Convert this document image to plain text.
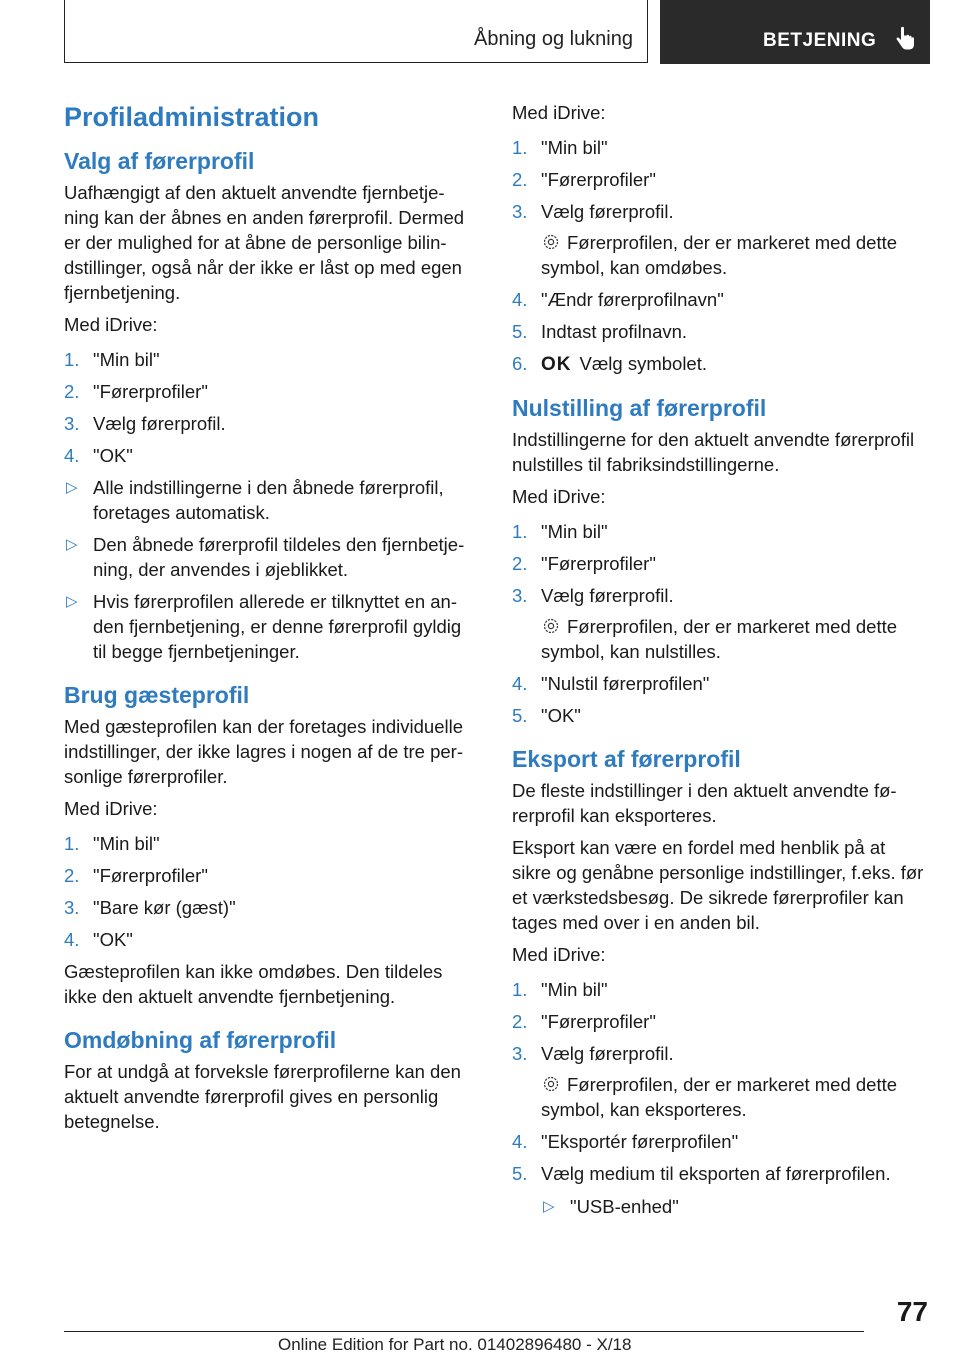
Åbning og lukning	BETJENING
Profiladministration
Valg af førerprofil

Uafhængigt af den aktuelt anvendte fjernbetje-ning kan der åbnes en anden førerprofil. Dermed er der mulighed for at åbne de personlige bilin-dstillinger, også når der ikke er låst op med egen fjernbetjening.

Med iDrive:

1. "Min bil"
2. "Førerprofiler"
3. Vælg førerprofil.
4. "OK"
▷ Alle indstillingerne i den åbnede førerprofil, foretages automatisk.
▷ Den åbnede førerprofil tildeles den fjernbetje-ning, der anvendes i øjeblikket.
▷ Hvis førerprofilen allerede er tilknyttet en an-den fjernbetjening, er denne førerprofil gyldig til begge fjernbetjeninger.
Brug gæsteprofil

Med gæsteprofilen kan der foretages individuelle indstillinger, der ikke lagres i nogen af de tre per-sonlige førerprofiler.

Med iDrive:

1. "Min bil"
2. "Førerprofiler"
3. "Bare kør (gæst)"
4. "OK"

Gæsteprofilen kan ikke omdøbes. Den tildeles ikke den aktuelt anvendte fjernbetjening.

Omdøbning af førerprofil

For at undgå at forveksle førerprofilerne kan den aktuelt anvendte førerprofil gives en personlig betegnelse.

Med iDrive:

1. "Min bil"
2. "Førerprofiler"
3. Vælg førerprofil.
Førerprofilen, der er markeret med dette symbol, kan omdøbes.
4. "Ændr førerprofilnavn"
5. Indtast profilnavn.
6. OK Vælg symbolet.
Nulstilling af førerprofil

Indstillingerne for den aktuelt anvendte førerprofil nulstilles til fabriksindstillingerne.

Med iDrive:

1. "Min bil"
2. "Førerprofiler"
3. Vælg førerprofil.
Førerprofilen, der er markeret med dette symbol, kan nulstilles.
4. "Nulstil førerprofilen"
5. "OK"
Eksport af førerprofil

De fleste indstillinger i den aktuelt anvendte fø-rerprofil kan eksporteres.

Eksport kan være en fordel med henblik på at sikre og genåbne personlige indstillinger, f.eks. før et værkstedsbesøg. De sikrede førerprofiler kan tages med over i en anden bil.

Med iDrive:

1. "Min bil"
2. "Førerprofiler"
3. Vælg førerprofil.
Førerprofilen, der er markeret med dette symbol, kan eksporteres.
4. "Eksportér førerprofilen"
5. Vælg medium til eksporten af førerprofilen.
▷ "USB-enhed"
77
Online Edition for Part no. 01402896480 - X/18
